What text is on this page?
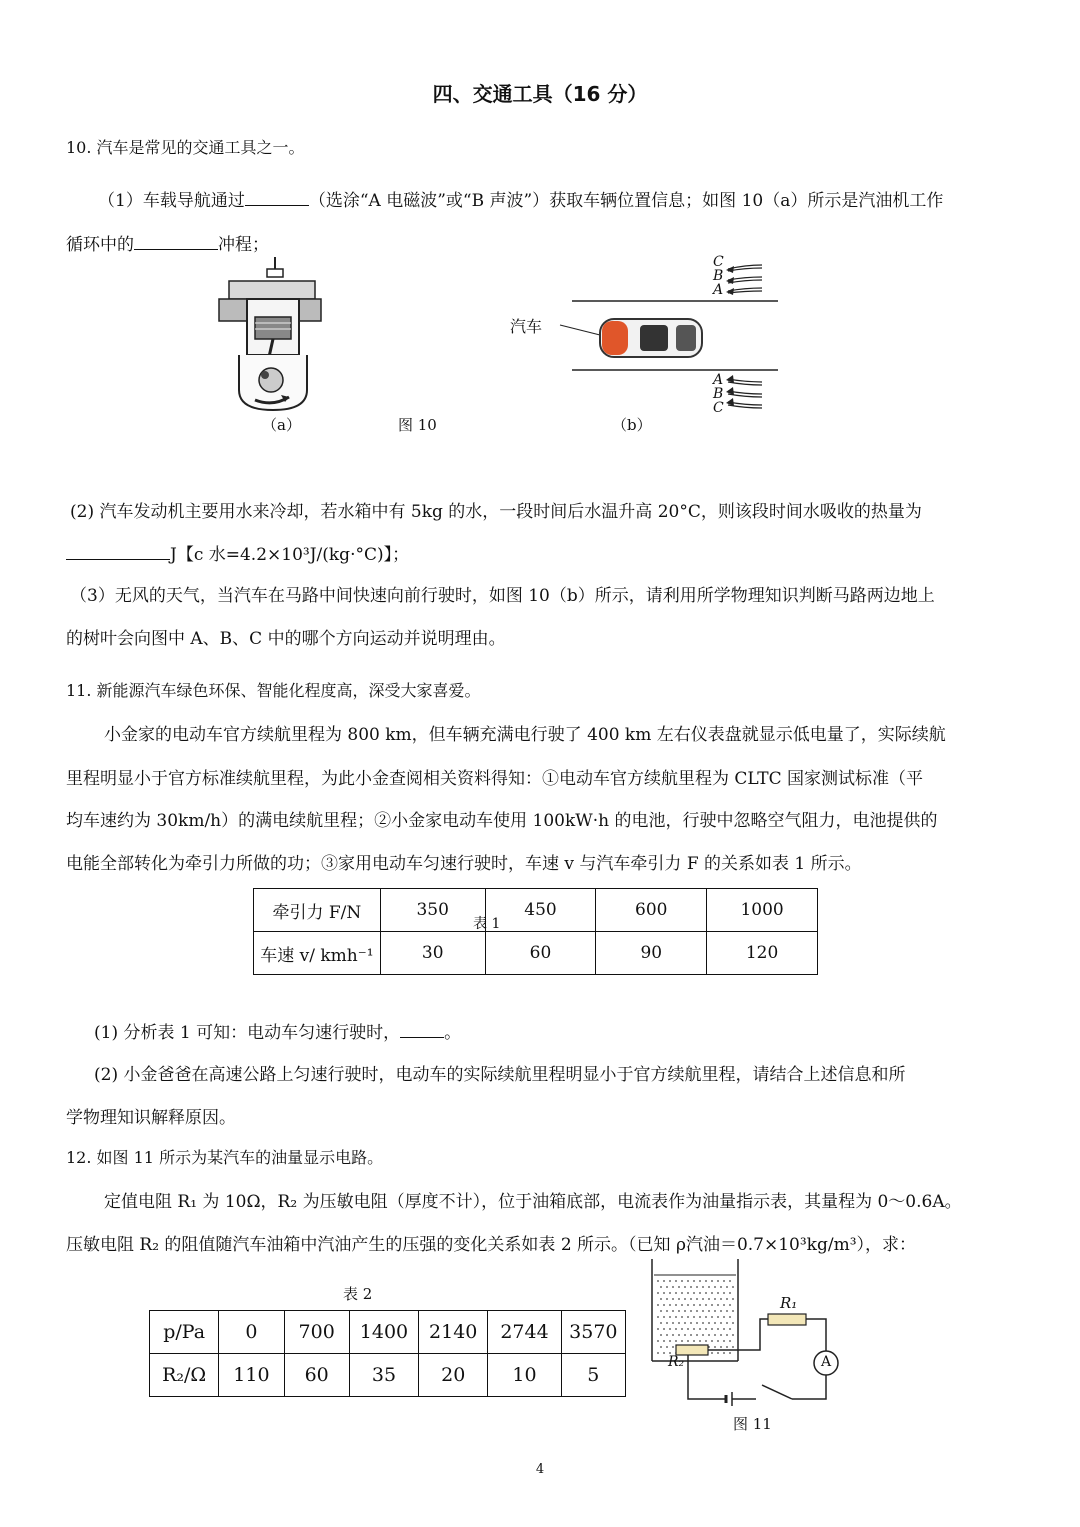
四、交通工具（16 分）
10. 汽车是常见的交通工具之一。
（1）车载导航通过	（选涂“A 电磁波”或“B 声波”）获取车辆位置信息；如图 10（a）所示是汽油机工作
循环中的	冲程；
（a）	图 10	（b）
汽车
C
B
A
A
B
C
(2) 汽车发动机主要用水来冷却，若水箱中有 5kg 的水，一段时间后水温升高 20°C，则该段时间水吸收的热量为
J【c 水=4.2×10³J/(kg·°C)】；
（3）无风的天气，当汽车在马路中间快速向前行驶时，如图 10（b）所示，请利用所学物理知识判断马路两边地上
的树叶会向图中 A、B、C 中的哪个方向运动并说明理由。
11. 新能源汽车绿色环保、智能化程度高，深受大家喜爱。
小金家的电动车官方续航里程为 800 km，但车辆充满电行驶了 400 km 左右仪表盘就显示低电量了，实际续航
里程明显小于官方标准续航里程，为此小金查阅相关资料得知：①电动车官方续航里程为 CLTC 国家测试标准（平
均车速约为 30km/h）的满电续航里程；②小金家电动车使用 100kW·h 的电池，行驶中忽略空气阻力，电池提供的
电能全部转化为牵引力所做的功；③家用电动车匀速行驶时，车速 v 与汽车牵引力 F 的关系如表 1 所示。
牵引力 F/N	350	450	600	1000
车速 v/ kmh⁻¹	30	60	90	120
表 1
(1) 分析表 1 可知：电动车匀速行驶时，	。
(2) 小金爸爸在高速公路上匀速行驶时，电动车的实际续航里程明显小于官方续航里程，请结合上述信息和所
学物理知识解释原因。
12. 如图 11 所示为某汽车的油量显示电路。
定值电阻 R₁ 为 10Ω，R₂ 为压敏电阻（厚度不计），位于油箱底部，电流表作为油量指示表，其量程为 0～0.6A。
压敏电阻 R₂ 的阻值随汽车油箱中汽油产生的压强的变化关系如表 2 所示。（已知 ρ汽油＝0.7×10³kg/m³），求：
表 2
p/Pa	0	700	1400	2140	2744	3570
R₂/Ω	110	60	35	20	10	5
R₁
R₂	A
图 11
4
